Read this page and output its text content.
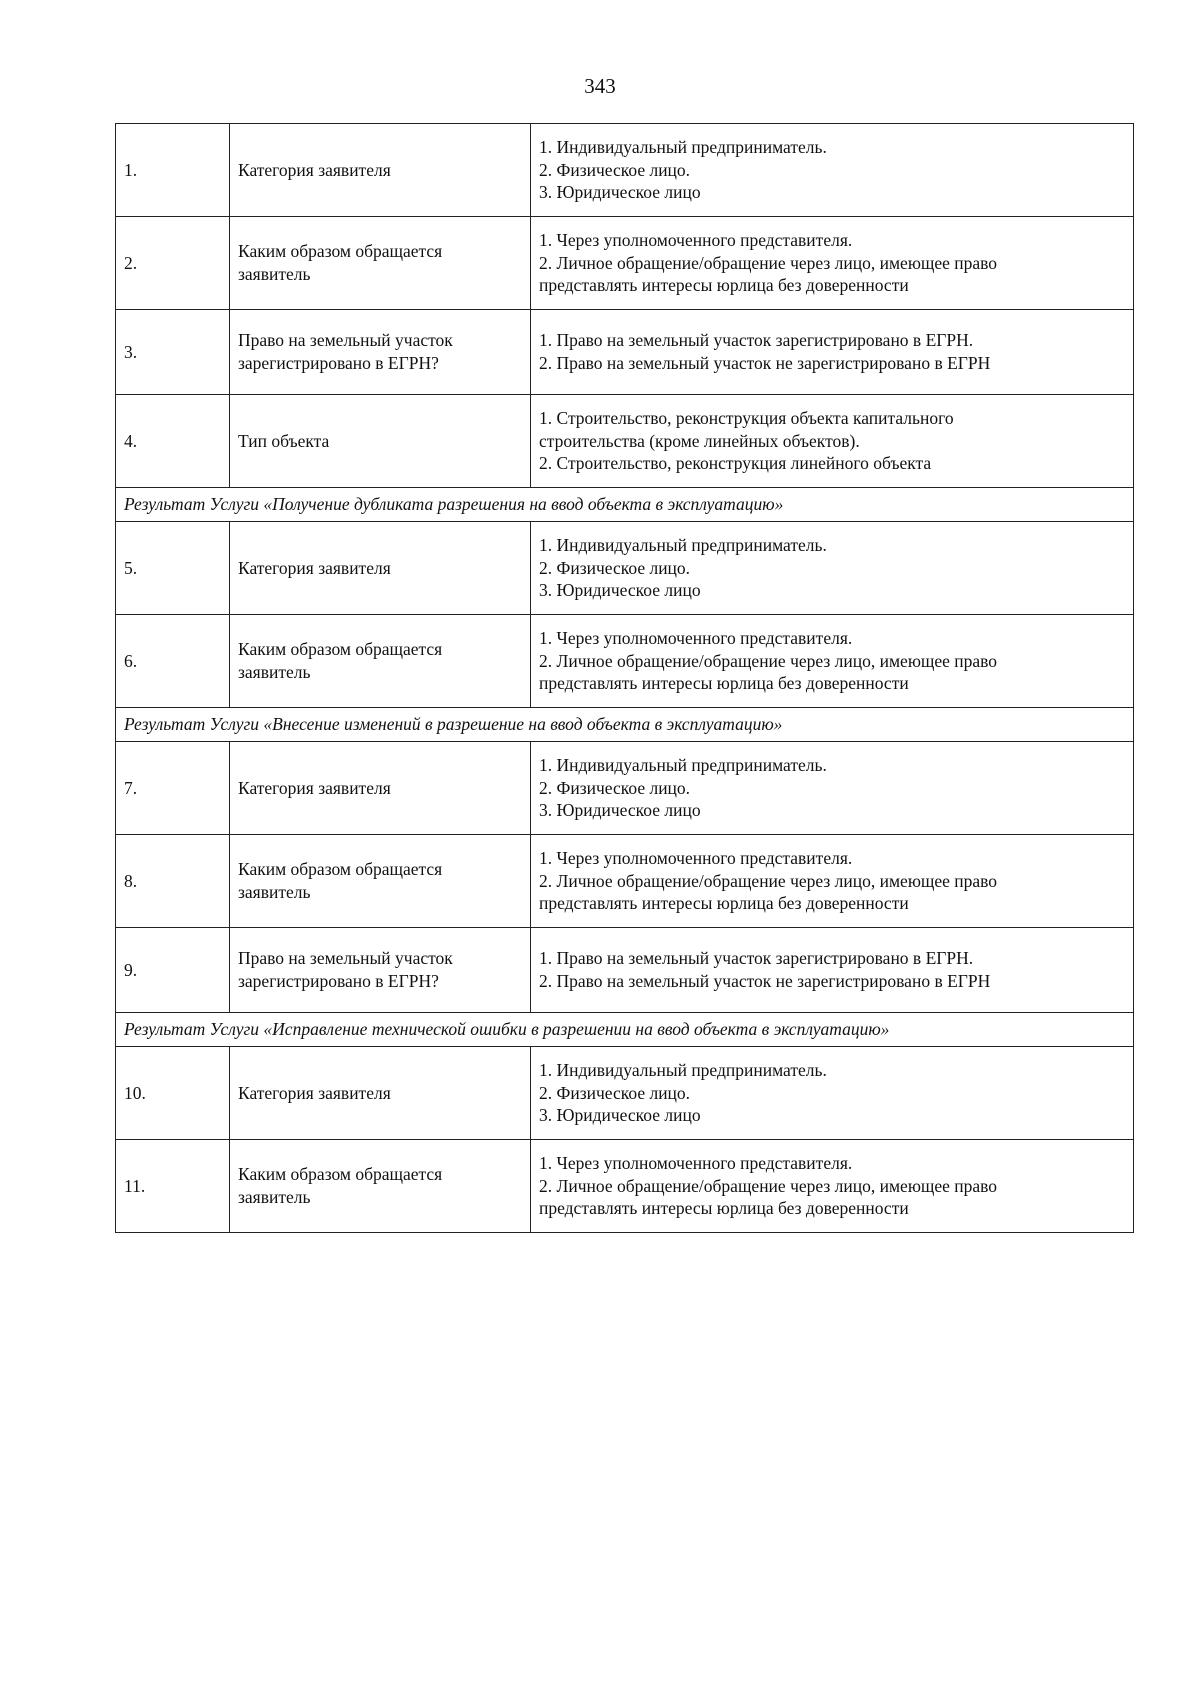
343
1.	Категория заявителя	1. Индивидуальный предприниматель.
2. Физическое лицо.
3. Юридическое лицо

2.	Каким образом обращается
заявитель	1. Через уполномоченного представителя.
2. Личное обращение/обращение через лицо, имеющее право
представлять интересы юрлица без доверенности

3.	Право на земельный участок
зарегистрировано в ЕГРН?	1. Право на земельный участок зарегистрировано в ЕГРН.
2. Право на земельный участок не зарегистрировано в ЕГРН

4.	Тип объекта	1. Строительство, реконструкция объекта капитального
строительства (кроме линейных объектов).
2. Строительство, реконструкция линейного объекта

Результат Услуги «Получение дубликата разрешения на ввод объекта в эксплуатацию»		
5.	Категория заявителя	1. Индивидуальный предприниматель.
2. Физическое лицо.
3. Юридическое лицо

6.	Каким образом обращается
заявитель	1. Через уполномоченного представителя.
2. Личное обращение/обращение через лицо, имеющее право
представлять интересы юрлица без доверенности

Результат Услуги «Внесение изменений в разрешение на ввод объекта в эксплуатацию»		
7.	Категория заявителя	1. Индивидуальный предприниматель.
2. Физическое лицо.
3. Юридическое лицо

8.	Каким образом обращается
заявитель	1. Через уполномоченного представителя.
2. Личное обращение/обращение через лицо, имеющее право
представлять интересы юрлица без доверенности

9.	Право на земельный участок
зарегистрировано в ЕГРН?	1. Право на земельный участок зарегистрировано в ЕГРН.
2. Право на земельный участок не зарегистрировано в ЕГРН

Результат Услуги «Исправление технической ошибки в разрешении на ввод объекта в эксплуатацию»		
10.	Категория заявителя	1. Индивидуальный предприниматель.
2. Физическое лицо.
3. Юридическое лицо

11.	Каким образом обращается
заявитель	1. Через уполномоченного представителя.
2. Личное обращение/обращение через лицо, имеющее право
представлять интересы юрлица без доверенности
